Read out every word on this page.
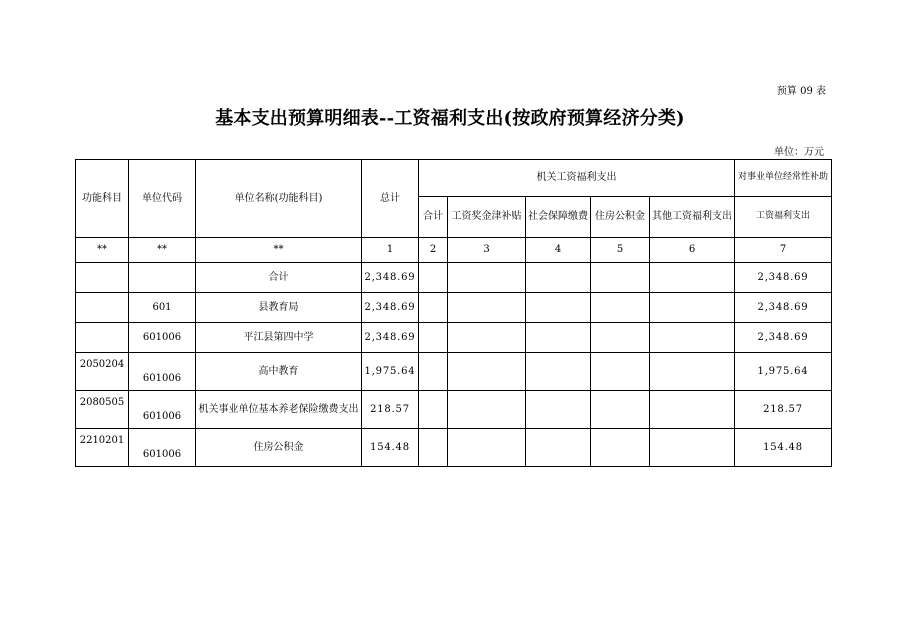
预算 09 表
基本支出预算明细表--工资福利支出(按政府预算经济分类)
单位：万元
功能科目	单位代码	单位名称(功能科目)	总计	机关工资福利支出					对事业单位经常性补助
				合计	工资奖金津补贴	社会保障缴费	住房公积金	其他工资福利支出	工资福利支出
**	**	**	1	2	3	4	5	6	7
		合计	2,348.69						2,348.69
	601	县教育局	2,348.69						2,348.69
	601006	平江县第四中学	2,348.69						2,348.69
2050204	601006	高中教育	1,975.64						1,975.64
2080505	601006	机关事业单位基本养老保险缴费支出	218.57						218.57
2210201	601006	住房公积金	154.48						154.48
